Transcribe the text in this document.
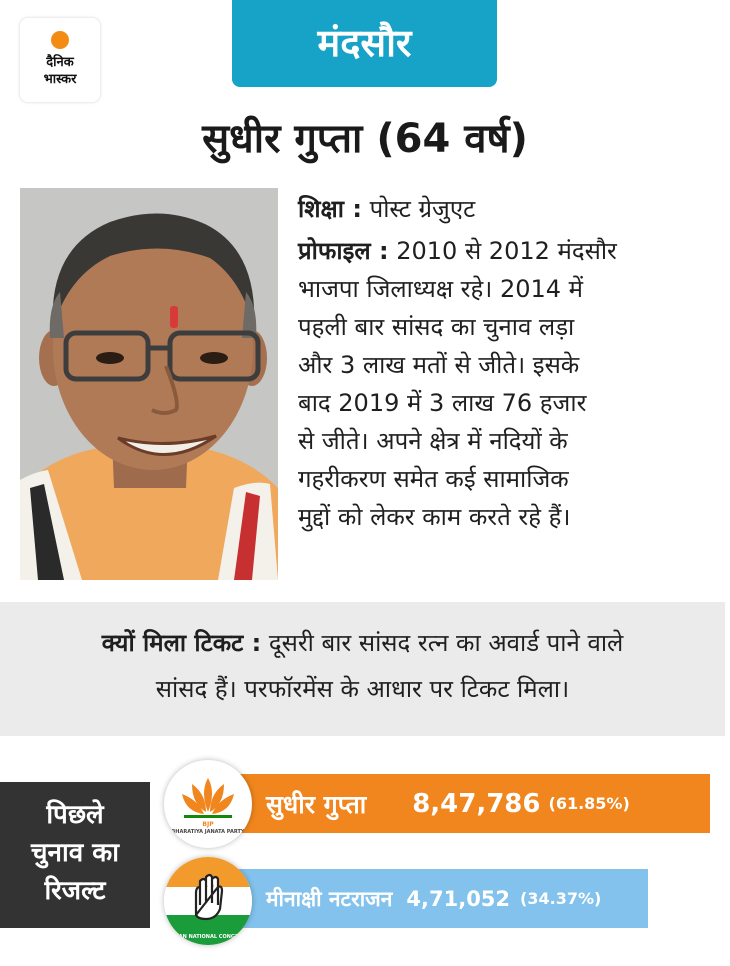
दैनिक
भास्कर
मंदसौर
सुधीर गुप्ता (64 वर्ष)

शिक्षा : पोस्ट ग्रेजुएट

प्रोफाइल : 2010 से 2012 मंदसौर

भाजपा जिलाध्यक्ष रहे। 2014 में

पहली बार सांसद का चुनाव लड़ा

और 3 लाख मतों से जीते। इसके

बाद 2019 में 3 लाख 76 हजार

से जीते। अपने क्षेत्र में नदियों के

गहरीकरण समेत कई सामाजिक

मुद्दों को लेकर काम करते रहे हैं।

क्यों मिला टिकट : दूसरी बार सांसद रत्न का अवार्ड पाने वाले
सांसद हैं। परफॉरमेंस के आधार पर टिकट मिला।
पिछले
चुनाव का
रिजल्ट
सुधीर गुप्ता 8,47,786 (61.85%)
मीनाक्षी नटराजन 4,71,052 (34.37%)
BJP
BHARATIYA JANATA PARTY
INDIAN NATIONAL CONGRESS
